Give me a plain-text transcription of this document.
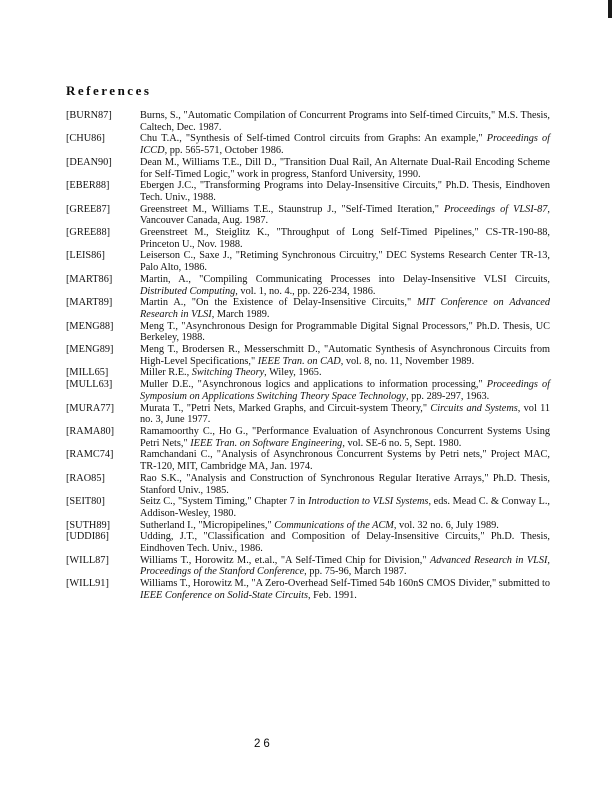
References
[BURN87]	Burns, S., "Automatic Compilation of Concurrent Programs into Self-timed Circuits," M.S. Thesis, Caltech, Dec. 1987.
[CHU86]	Chu T.A., "Synthesis of Self-timed Control circuits from Graphs: An example," Proceedings of ICCD, pp. 565-571, October 1986.
[DEAN90]	Dean M., Williams T.E., Dill D., "Transition Dual Rail, An Alternate Dual-Rail Encoding Scheme for Self-Timed Logic," work in progress, Stanford University, 1990.
[EBER88]	Ebergen J.C., "Transforming Programs into Delay-Insensitive Circuits," Ph.D. Thesis, Eindhoven Tech. Univ., 1988.
[GREE87]	Greenstreet M., Williams T.E., Staunstrup J., "Self-Timed Iteration," Proceedings of VLSI-87, Vancouver Canada, Aug. 1987.
[GREE88]	Greenstreet M., Steiglitz K., "Throughput of Long Self-Timed Pipelines," CS-TR-190-88, Princeton U., Nov. 1988.
[LEIS86]	Leiserson C., Saxe J., "Retiming Synchronous Circuitry," DEC Systems Research Center TR-13, Palo Alto, 1986.
[MART86]	Martin, A., "Compiling Communicating Processes into Delay-Insensitive VLSI Circuits, Distributed Computing, vol. 1, no. 4., pp. 226-234, 1986.
[MART89]	Martin A., "On the Existence of Delay-Insensitive Circuits," MIT Conference on Advanced Research in VLSI, March 1989.
[MENG88]	Meng T., "Asynchronous Design for Programmable Digital Signal Processors," Ph.D. Thesis, UC Berkeley, 1988.
[MENG89]	Meng T., Brodersen R., Messerschmitt D., "Automatic Synthesis of Asynchronous Circuits from High-Level Specifications," IEEE Tran. on CAD, vol. 8, no. 11, November 1989.
[MILL65]	Miller R.E., Switching Theory, Wiley, 1965.
[MULL63]	Muller D.E., "Asynchronous logics and applications to information processing," Proceedings of Symposium on Applications Switching Theory Space Technology, pp. 289-297, 1963.
[MURA77]	Murata T., "Petri Nets, Marked Graphs, and Circuit-system Theory," Circuits and Systems, vol 11 no. 3, June 1977.
[RAMA80]	Ramamoorthy C., Ho G., "Performance Evaluation of Asynchronous Concurrent Systems Using Petri Nets," IEEE Tran. on Software Engineering, vol. SE-6 no. 5, Sept. 1980.
[RAMC74]	Ramchandani C., "Analysis of Asynchronous Concurrent Systems by Petri nets," Project MAC, TR-120, MIT, Cambridge MA, Jan. 1974.
[RAO85]	Rao S.K., "Analysis and Construction of Synchronous Regular Iterative Arrays," Ph.D. Thesis, Stanford Univ., 1985.
[SEIT80]	Seitz C., "System Timing," Chapter 7 in Introduction to VLSI Systems, eds. Mead C. & Conway L., Addison-Wesley, 1980.
[SUTH89]	Sutherland I., "Micropipelines," Communications of the ACM, vol. 32 no. 6, July 1989.
[UDDI86]	Udding, J.T., "Classification and Composition of Delay-Insensitive Circuits," Ph.D. Thesis, Eindhoven Tech. Univ., 1986.
[WILL87]	Williams T., Horowitz M., et.al., "A Self-Timed Chip for Division," Advanced Research in VLSI, Proceedings of the Stanford Conference, pp. 75-96, March 1987.
[WILL91]	Williams T., Horowitz M., "A Zero-Overhead Self-Timed 54b 160nS CMOS Divider," submitted to IEEE Conference on Solid-State Circuits, Feb. 1991.
26
